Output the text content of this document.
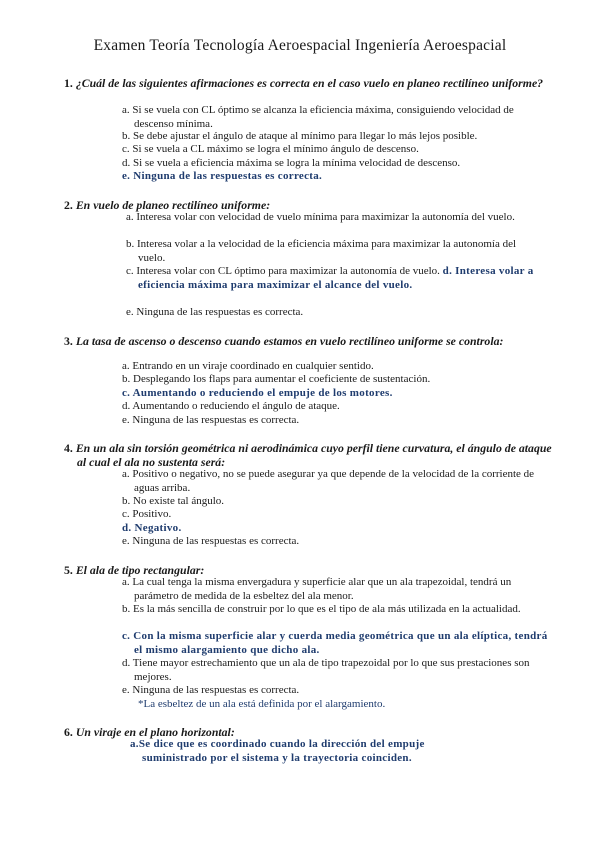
Examen Teoría Tecnología Aeroespacial Ingeniería Aeroespacial
1. ¿Cuál de las siguientes afirmaciones es correcta en el caso vuelo en planeo rectilíneo uniforme?
a. Si se vuela con CL óptimo se alcanza la eficiencia máxima, consiguiendo velocidad de descenso mínima.
b. Se debe ajustar el ángulo de ataque al mínimo para llegar lo más lejos posible.
c. Si se vuela a CL máximo se logra el mínimo ángulo de descenso.
d. Si se vuela a eficiencia máxima se logra la mínima velocidad de descenso.
e. Ninguna de las respuestas es correcta.
2. En vuelo de planeo rectilíneo uniforme:
a. Interesa volar con velocidad de vuelo mínima para maximizar la autonomía del vuelo.
b. Interesa volar a la velocidad de la eficiencia máxima para maximizar la autonomía del vuelo.
c. Interesa volar con CL óptimo para maximizar la autonomía de vuelo. d. Interesa volar a eficiencia máxima para maximizar el alcance del vuelo.
e. Ninguna de las respuestas es correcta.
3. La tasa de ascenso o descenso cuando estamos en vuelo rectilíneo uniforme se controla:
a. Entrando en un viraje coordinado en cualquier sentido.
b. Desplegando los flaps para aumentar el coeficiente de sustentación.
c. Aumentando o reduciendo el empuje de los motores.
d. Aumentando o reduciendo el ángulo de ataque.
e. Ninguna de las respuestas es correcta.
4. En un ala sin torsión geométrica ni aerodinámica cuyo perfil tiene curvatura, el ángulo de ataque al cual el ala no sustenta será:
a. Positivo o negativo, no se puede asegurar ya que depende de la velocidad de la corriente de aguas arriba.
b. No existe tal ángulo.
c. Positivo.
d. Negativo.
e. Ninguna de las respuestas es correcta.
5. El ala de tipo rectangular:
a. La cual tenga la misma envergadura y superficie alar que un ala trapezoidal, tendrá un parámetro de medida de la esbeltez del ala menor.
b. Es la más sencilla de construir por lo que es el tipo de ala más utilizada en la actualidad.
c. Con la misma superficie alar y cuerda media geométrica que un ala elíptica, tendrá el mismo alargamiento que dicho ala.
d. Tiene mayor estrechamiento que un ala de tipo trapezoidal por lo que sus prestaciones son mejores.
e. Ninguna de las respuestas es correcta.
*La esbeltez de un ala está definida por el alargamiento.
6. Un viraje en el plano horizontal:
a.Se dice que es coordinado cuando la dirección del empuje suministrado por el sistema y la trayectoria coinciden.
